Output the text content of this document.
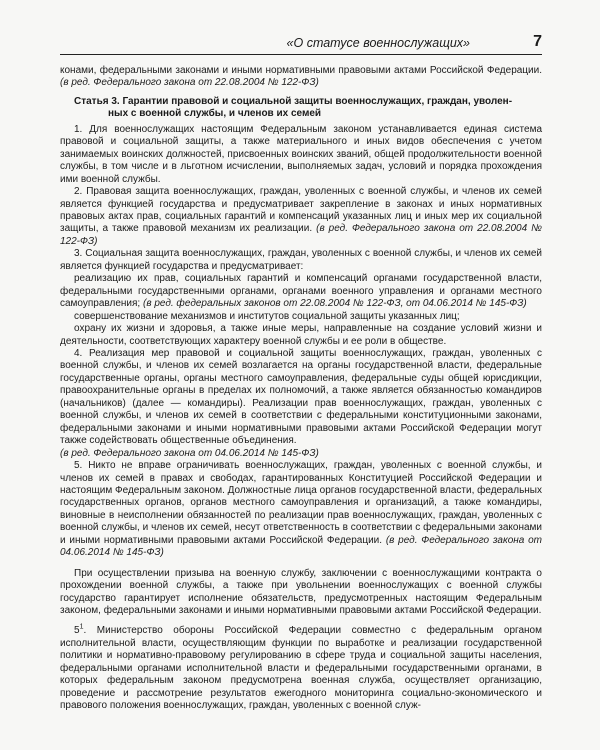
«О статусе военнослужащих»	7

конами, федеральными законами и иными нормативными правовыми актами Российской Федерации. (в ред. Федерального закона от 22.08.2004 № 122-ФЗ)

Статья 3. Гарантии правовой и социальной защиты военнослужащих, граждан, уволен-
ных с военной службы, и членов их семей

1. Для военнослужащих настоящим Федеральным законом устанавливается единая система правовой и социальной защиты, а также материального и иных видов обеспечения с учетом занимаемых воинских должностей, присвоенных воинских званий, общей продолжительности военной службы, в том числе и в льготном исчислении, выполняемых задач, условий и порядка прохождения ими военной службы.

2. Правовая защита военнослужащих, граждан, уволенных с военной службы, и членов их семей является функцией государства и предусматривает закрепление в законах и иных нормативных правовых актах прав, социальных гарантий и компенсаций указанных лиц и иных мер их социальной защиты, а также правовой механизм их реализации. (в ред. Федерального закона от 22.08.2004 № 122-ФЗ)

3. Социальная защита военнослужащих, граждан, уволенных с военной службы, и членов их семей является функцией государства и предусматривает:

реализацию их прав, социальных гарантий и компенсаций органами государственной власти, федеральными государственными органами, органами военного управления и органами местного самоуправления; (в ред. федеральных законов от 22.08.2004 № 122-ФЗ, от 04.06.2014 № 145-ФЗ)

совершенствование механизмов и институтов социальной защиты указанных лиц;

охрану их жизни и здоровья, а также иные меры, направленные на создание условий жизни и деятельности, соответствующих характеру военной службы и ее роли в обществе.

4. Реализация мер правовой и социальной защиты военнослужащих, граждан, уволенных с военной службы, и членов их семей возлагается на органы государственной власти, федеральные государственные органы, органы местного самоуправления, федеральные суды общей юрисдикции, правоохранительные органы в пределах их полномочий, а также является обязанностью командиров (начальников) (далее — командиры). Реализации прав военнослужащих, граждан, уволенных с военной службы, и членов их семей в соответствии с федеральными конституционными законами, федеральными законами и иными нормативными правовыми актами Российской Федерации могут также содействовать общественные объединения.

(в ред. Федерального закона от 04.06.2014 № 145-ФЗ)

5. Никто не вправе ограничивать военнослужащих, граждан, уволенных с военной службы, и членов их семей в правах и свободах, гарантированных Конституцией Российской Федерации и настоящим Федеральным законом. Должностные лица органов государственной власти, федеральных государственных органов, органов местного самоуправления и организаций, а также командиры, виновные в неисполнении обязанностей по реализации прав военнослужащих, граждан, уволенных с военной службы, и членов их семей, несут ответственность в соответствии с федеральными законами и иными нормативными правовыми актами Российской Федерации. (в ред. Федерального закона от 04.06.2014 № 145-ФЗ)

При осуществлении призыва на военную службу, заключении с военнослужащими контракта о прохождении военной службы, а также при увольнении военнослужащих с военной службы государство гарантирует исполнение обязательств, предусмотренных настоящим Федеральным законом, федеральными законами и иными нормативными правовыми актами Российской Федерации.

$5^1$. Министерство обороны Российской Федерации совместно с федеральным органом исполнительной власти, осуществляющим функции по выработке и реализации государственной политики и нормативно-правовому регулированию в сфере труда и социальной защиты населения, федеральными органами исполнительной власти и федеральными государственными органами, в которых федеральным законом предусмотрена военная служба, осуществляет организацию, проведение и рассмотрение результатов ежегодного мониторинга социально-экономического и правового положения военнослужащих, граждан, уволенных с военной служ-
